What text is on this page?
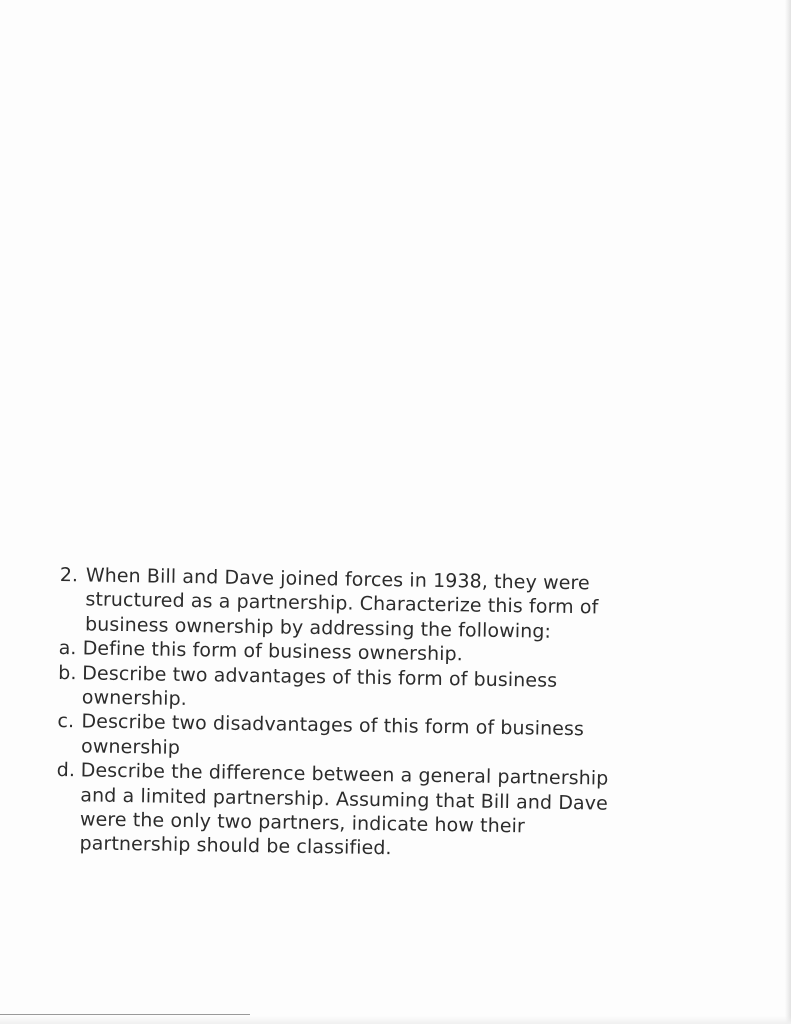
2. When Bill and Dave joined forces in 1938, they were
structured as a partnership. Characterize this form of
business ownership by addressing the following:
a. Define this form of business ownership.
b. Describe two advantages of this form of business
ownership.
c. Describe two disadvantages of this form of business
ownership
d. Describe the difference between a general partnership
and a limited partnership. Assuming that Bill and Dave
were the only two partners, indicate how their
partnership should be classified.
